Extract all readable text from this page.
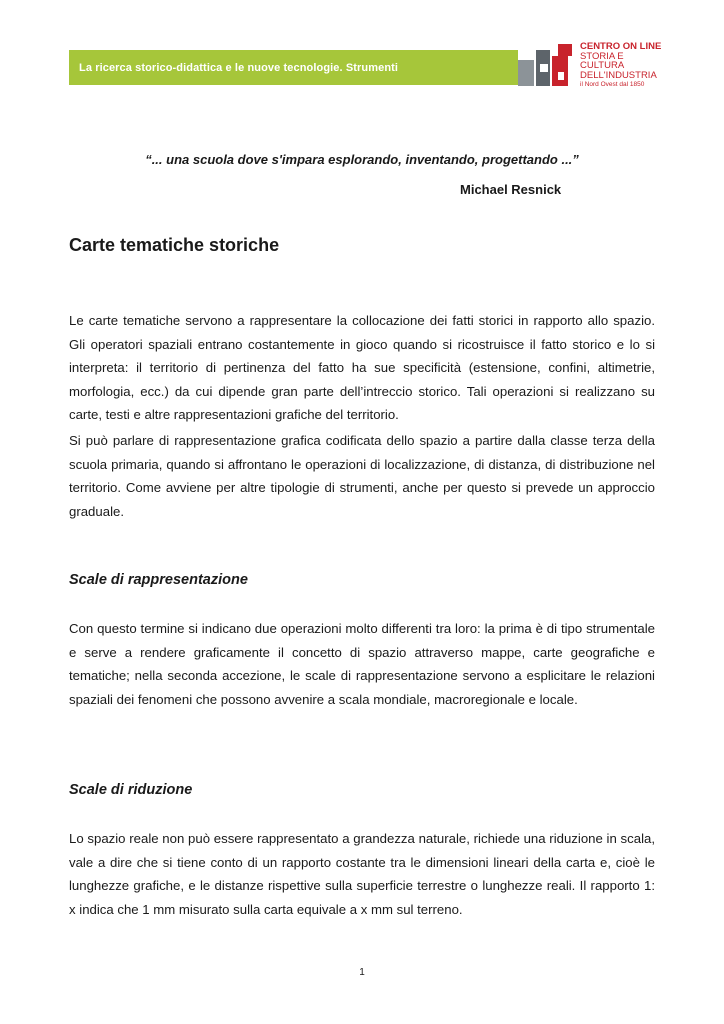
La ricerca storico-didattica e le nuove tecnologie. Strumenti
CENTRO ON LINE
STORIA E CULTURA
DELL'INDUSTRIA
il Nord Ovest dal 1850
“... una scuola dove s'impara esplorando, inventando, progettando ...”
Michael Resnick
Carte tematiche storiche

Le carte tematiche servono a rappresentare la collocazione dei fatti storici in rapporto allo spazio. Gli operatori spaziali entrano costantemente in gioco quando si ricostruisce il fatto storico e lo si interpreta: il territorio di pertinenza del fatto ha sue specificità (estensione, confini, altimetrie, morfologia, ecc.) da cui dipende gran parte dell’intreccio storico. Tali operazioni si realizzano su carte, testi e altre rappresentazioni grafiche del territorio.

Si può parlare di rappresentazione grafica codificata dello spazio a partire dalla classe terza della scuola primaria, quando si affrontano le operazioni di localizzazione, di distanza, di distribuzione nel territorio. Come avviene per altre tipologie di strumenti, anche per questo si prevede un approccio graduale.

Scale di rappresentazione

Con questo termine si indicano due operazioni molto differenti tra loro: la prima è di tipo strumentale e serve a rendere graficamente il concetto di spazio attraverso mappe, carte geografiche e tematiche; nella seconda accezione, le scale di rappresentazione servono a esplicitare le relazioni spaziali dei fenomeni che possono avvenire a scala mondiale, macroregionale e locale.

Scale di riduzione

Lo spazio reale non può essere rappresentato a grandezza naturale, richiede una riduzione in scala, vale a dire che si tiene conto di un rapporto costante tra le dimensioni lineari della carta e, cioè le lunghezze grafiche, e le distanze rispettive sulla superficie terrestre o lunghezze reali. Il rapporto 1: x indica che 1 mm misurato sulla carta equivale a x mm sul terreno.

1
